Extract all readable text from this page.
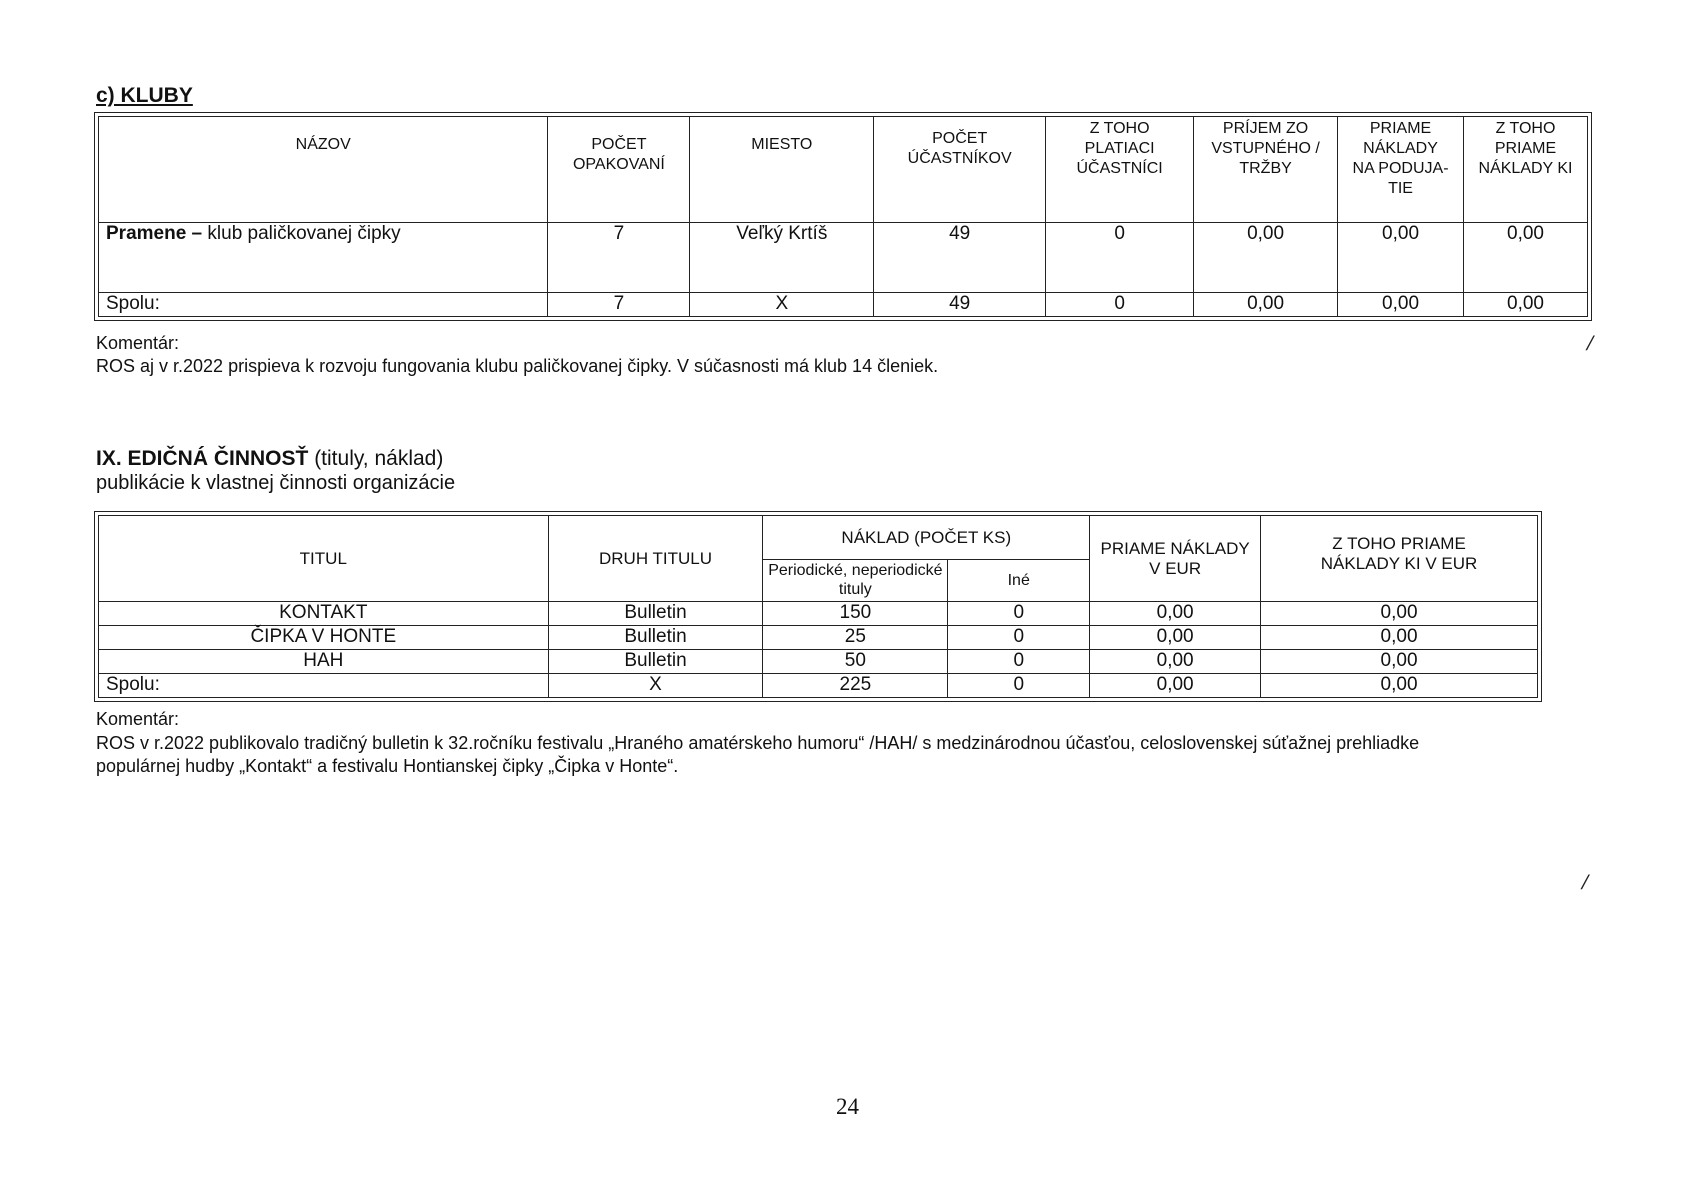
c) KLUBY
NÁZOV	POČET OPAKOVANÍ	MIESTO	POČET ÚČASTNÍKOV	Z TOHO PLATIACI ÚČASTNÍCI	PRÍJEM ZO VSTUPNÉHO / TRŽBY	PRIAME NÁKLADY NA PODUJA-TIE	Z TOHO PRIAME NÁKLADY KI
Pramene – klub paličkovanej čipky	7	Veľký Krtíš	49	0	0,00	0,00	0,00
Spolu:	7	X	49	0	0,00	0,00	0,00
Komentár:
ROS aj v r.2022 prispieva k rozvoju fungovania klubu paličkovanej čipky. V súčasnosti má klub 14 členiek.
/
IX. EDIČNÁ ČINNOSŤ (tituly, náklad)
publikácie k vlastnej činnosti organizácie
TITUL	DRUH TITULU	NÁKLAD (POČET KS)		PRIAME NÁKLADY V EUR	Z TOHO PRIAME NÁKLADY KI V EUR
		Periodické, neperiodické tituly	Iné		
KONTAKT	Bulletin	150	0	0,00	0,00
ČIPKA V HONTE	Bulletin	25	0	0,00	0,00
HAH	Bulletin	50	0	0,00	0,00
Spolu:	X	225	0	0,00	0,00
Komentár:
ROS v r.2022 publikovalo tradičný bulletin k 32.ročníku festivalu „Hraného amatérskeho humoru“ /HAH/ s medzinárodnou účasťou, celoslovenskej súťažnej prehliadke
populárnej hudby „Kontakt“ a festivalu Hontianskej čipky „Čipka v Honte“.
/
24
